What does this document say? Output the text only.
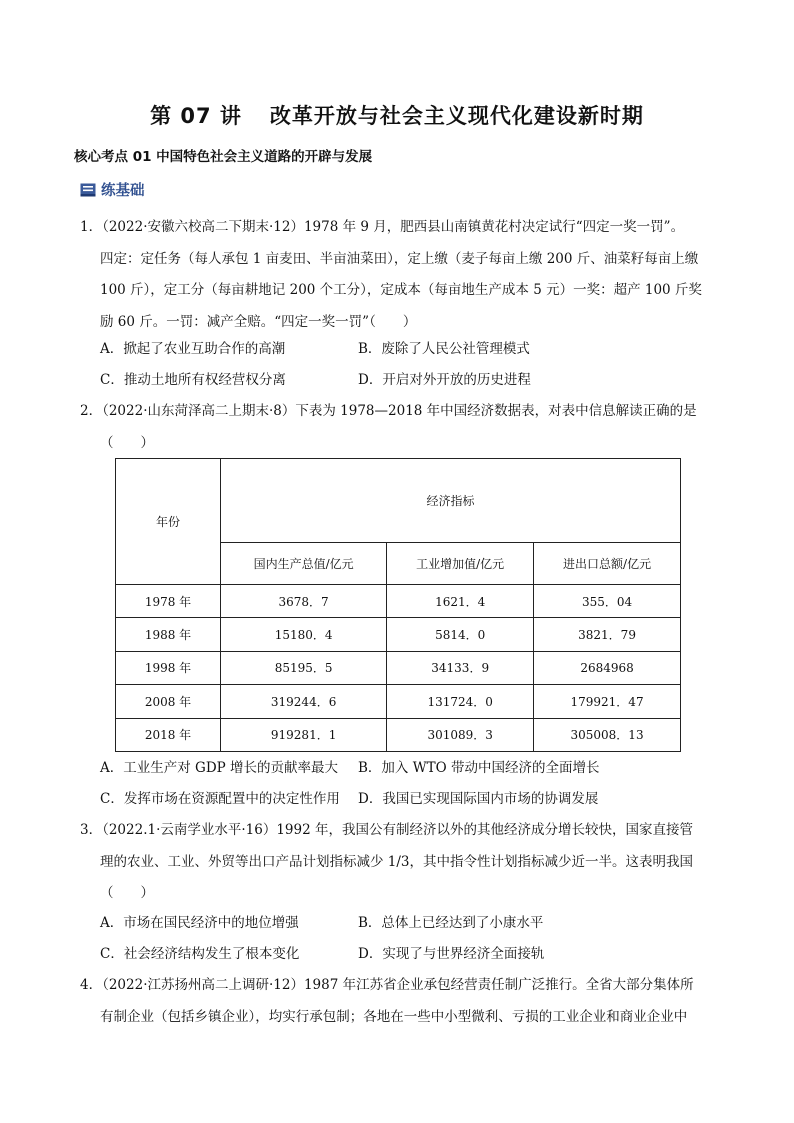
第 07 讲 改革开放与社会主义现代化建设新时期
核心考点 01 中国特色社会主义道路的开辟与发展
练基础

1．（2022·安徽六校高二下期末·12）1978 年 9 月，肥西县山南镇黄花村决定试行“四定一奖一罚”。

四定：定任务（每人承包 1 亩麦田、半亩油菜田），定上缴（麦子每亩上缴 200 斤、油菜籽每亩上缴

100 斤），定工分（每亩耕地记 200 个工分），定成本（每亩地生产成本 5 元）一奖：超产 100 斤奖

励 60 斤。一罚：减产全赔。“四定一奖一罚”（　　）

A．掀起了农业互助合作的高潮	B．废除了人民公社管理模式
C．推动土地所有权经营权分离	D．开启对外开放的历史进程

2．（2022·山东菏泽高二上期末·8）下表为 1978—2018 年中国经济数据表，对表中信息解读正确的是

（　　）

年份	经济指标		
	国内生产总值/亿元	工业增加值/亿元	进出口总额/亿元
1978 年	3678．7	1621．4	355．04
1988 年	15180．4	5814．0	3821．79
1998 年	85195．5	34133．9	2684968
2008 年	319244．6	131724．0	179921．47
2018 年	919281．1	301089．3	305008．13
A．工业生产对 GDP 增长的贡献率最大	B．加入 WTO 带动中国经济的全面增长
C．发挥市场在资源配置中的决定性作用	D．我国已实现国际国内市场的协调发展

3．（2022.1·云南学业水平·16）1992 年，我国公有制经济以外的其他经济成分增长较快，国家直接管

理的农业、工业、外贸等出口产品计划指标减少 1/3，其中指令性计划指标减少近一半。这表明我国

（　　）

A．市场在国民经济中的地位增强	B．总体上已经达到了小康水平
C．社会经济结构发生了根本变化	D．实现了与世界经济全面接轨

4．（2022·江苏扬州高二上调研·12）1987 年江苏省企业承包经营责任制广泛推行。全省大部分集体所

有制企业（包括乡镇企业），均实行承包制；各地在一些中小型微利、亏损的工业企业和商业企业中
